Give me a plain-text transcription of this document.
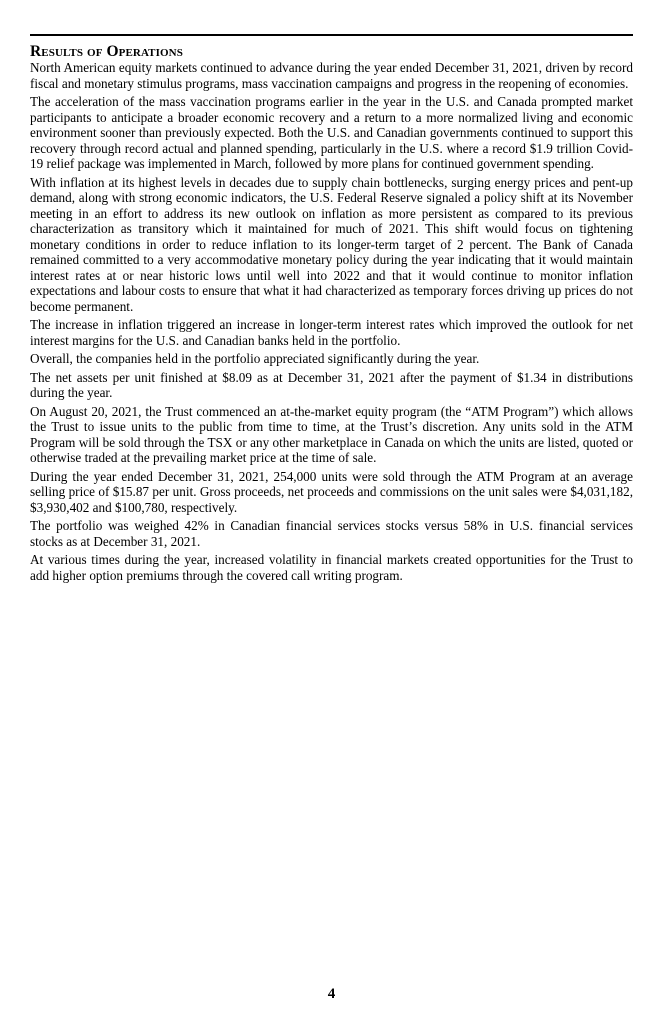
Results of Operations

North American equity markets continued to advance during the year ended December 31, 2021, driven by record fiscal and monetary stimulus programs, mass vaccination campaigns and progress in the reopening of economies.

The acceleration of the mass vaccination programs earlier in the year in the U.S. and Canada prompted market participants to anticipate a broader economic recovery and a return to a more normalized living and economic environment sooner than previously expected. Both the U.S. and Canadian governments continued to support this recovery through record actual and planned spending, particularly in the U.S. where a record $1.9 trillion Covid-19 relief package was implemented in March, followed by more plans for continued government spending.

With inflation at its highest levels in decades due to supply chain bottlenecks, surging energy prices and pent-up demand, along with strong economic indicators, the U.S. Federal Reserve signaled a policy shift at its November meeting in an effort to address its new outlook on inflation as more persistent as compared to its previous characterization as transitory which it maintained for much of 2021. This shift would focus on tightening monetary conditions in order to reduce inflation to its longer-term target of 2 percent. The Bank of Canada remained committed to a very accommodative monetary policy during the year indicating that it would maintain interest rates at or near historic lows until well into 2022 and that it would continue to monitor inflation expectations and labour costs to ensure that what it had characterized as temporary forces driving up prices do not become permanent.

The increase in inflation triggered an increase in longer-term interest rates which improved the outlook for net interest margins for the U.S. and Canadian banks held in the portfolio.

Overall, the companies held in the portfolio appreciated significantly during the year.

The net assets per unit finished at $8.09 as at December 31, 2021 after the payment of $1.34 in distributions during the year.

On August 20, 2021, the Trust commenced an at-the-market equity program (the “ATM Program”) which allows the Trust to issue units to the public from time to time, at the Trust’s discretion. Any units sold in the ATM Program will be sold through the TSX or any other marketplace in Canada on which the units are listed, quoted or otherwise traded at the prevailing market price at the time of sale.

During the year ended December 31, 2021, 254,000 units were sold through the ATM Program at an average selling price of $15.87 per unit. Gross proceeds, net proceeds and commissions on the unit sales were $4,031,182, $3,930,402 and $100,780, respectively.

The portfolio was weighed 42% in Canadian financial services stocks versus 58% in U.S. financial services stocks as at December 31, 2021.

At various times during the year, increased volatility in financial markets created opportunities for the Trust to add higher option premiums through the covered call writing program.

4
